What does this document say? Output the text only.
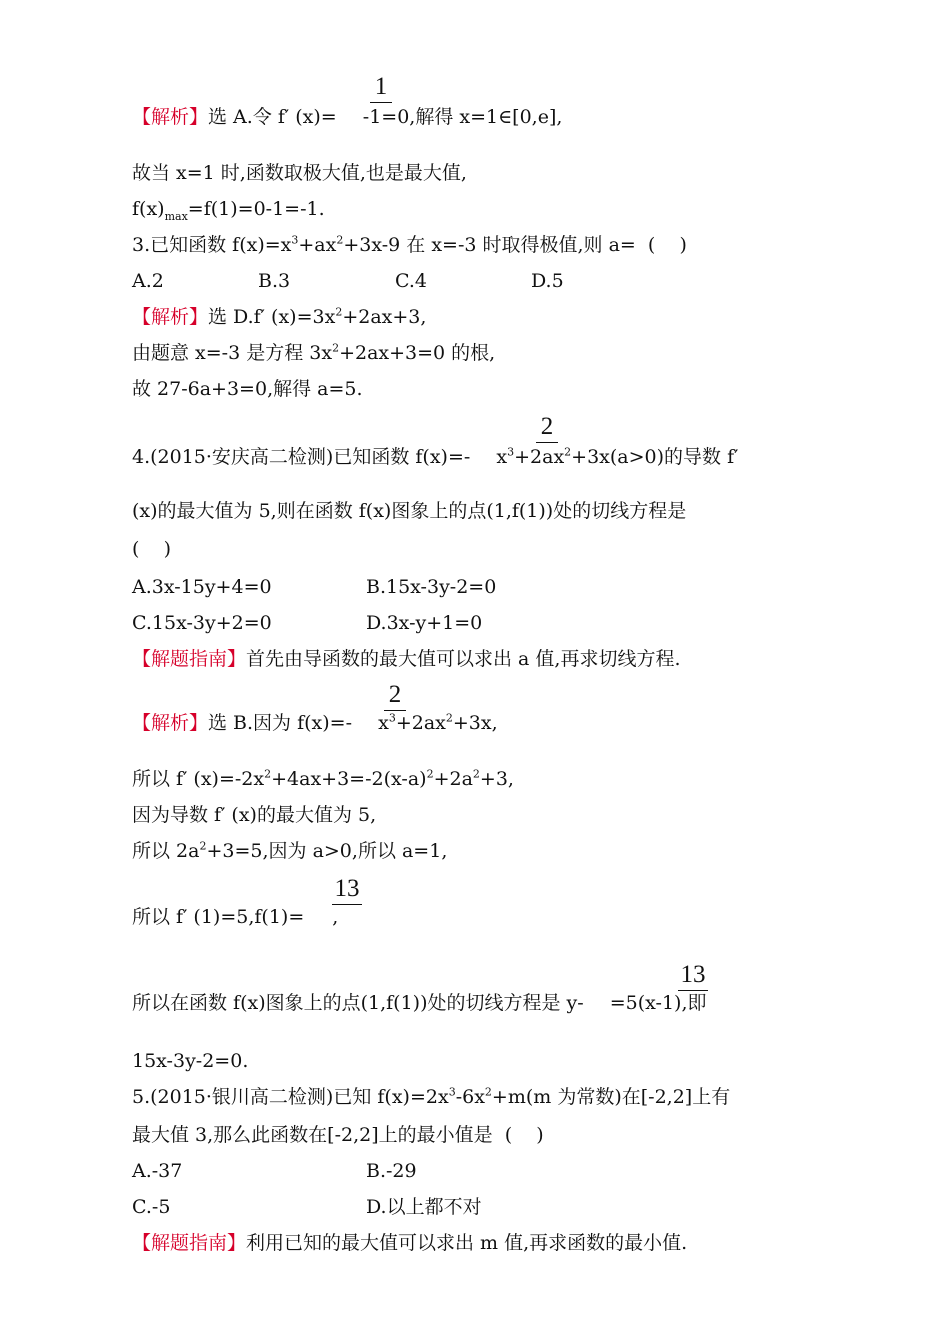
1
【解析】选 A.令 f′ (x)=  -1=0,解得 x=1∈[0,e],
故当 x=1 时,函数取极大值,也是最大值,
$f(x)_{max}=f(1)=0-1=-1$.
3.已知函数 $f(x)=x^3+ax^2+3x-9$ 在 x=-3 时取得极值,则 a=  (    )
A.2	B.3	C.4	D.5
【解析】选 D.f′ $(x)=3x^2+2ax+3$,
由题意 x=-3 是方程 $3x^2+2ax+3=0$ 的根,
故 27-6a+3=0,解得 a=5.
2
4.(2015·安庆高二检测)已知函数 f(x)=-  $x^3+2ax^2+3x(a>0)$的导数 f′
(x)的最大值为 5,则在函数 f(x)图象上的点(1,f(1))处的切线方程是
(    )
A.3x-15y+4=0	B.15x-3y-2=0
C.15x-3y+2=0	D.3x-y+1=0
【解题指南】首先由导函数的最大值可以求出 a 值,再求切线方程.
2
【解析】选 B.因为 f(x)=-  $x^3+2ax^2+3x$,
所以 f′ $(x)=-2x^2+4ax+3=-2(x-a)^2+2a^2+3$,
因为导数 f′ (x)的最大值为 5,
所以 $2a^2+3=5$,因为 a>0,所以 a=1,
13
所以 f′ (1)=5,f(1)= ,
13
所以在函数 f(x)图象上的点(1,f(1))处的切线方程是 y- =5(x-1),即
15x-3y-2=0.
5.(2015·银川高二检测)已知 $f(x)=2x^3-6x^2+m(m$ 为常数)在[-2,2]上有
最大值 3,那么此函数在[-2,2]上的最小值是  (    )
A.-37	B.-29
C.-5	D.以上都不对
【解题指南】利用已知的最大值可以求出 m 值,再求函数的最小值.
